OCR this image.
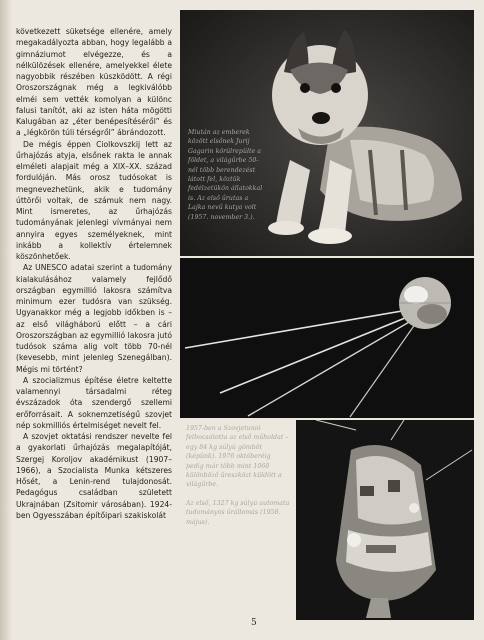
következett süketsége ellenére, amely megakadályozta abban, hogy legalább a gimnáziumot elvégezze, és a nélkülözések ellenére, amelyekkel élete nagyobbik részében küszködött. A régi Oroszországnak még a legkiválóbb elméi sem vették komolyan a különc falusi tanítót, aki az isten háta mögötti Kalugában az „éter benépesítéséről” és a „légkörön túli térségről” ábrándozott.

De mégis éppen Ciolkovszkij lett az űrhajózás atyja, elsőnek rakta le annak elméleti alapjait még a XIX–XX. század fordulóján. Más orosz tudósokat is megnevezhetünk, akik e tudomány úttörői voltak, de számuk nem nagy. Mint ismeretes, az űrhajózás tudományának jelenlegi vívmányai nem annyira egyes személyeknek, mint inkább a kollektív értelemnek köszönhetőek.

Az UNESCO adatai szerint a tudomány kialakulásához valamely fejlődő országban egymillió lakosra számítva minimum ezer tudósra van szükség. Ugyanakkor még a legjobb időkben is – az első világháború előtt – a cári Oroszországban az egymillió lakosra jutó tudósok száma alig volt több 70-nél (kevesebb, mint jelenleg Szenegálban). Mégis mi történt?

A szocializmus építése életre keltette valamennyi társadalmi réteg évszázadok óta szendergő szellemi erőforrásait. A soknemzetiségű szovjet nép sokmilliós értelmiséget nevelt fel.

A szovjet oktatási rendszer nevelte fel a gyakorlati űrhajózás megalapítóját, Szergej Koroljov akadémikust (1907–1966), a Szocialista Munka kétszeres Hősét, a Lenin-rend tulajdonosát. Pedagógus családban született Ukrajnában (Zsitomir városában). 1924-ben Ogyesszában építőipari szakiskolát

Miután az emberek között elsőnek Jurij Gagarin körülrepülte a földet, a világűrbe 50-nél több berendezést látott fel, köztük fedélzetükön állatokkal is. Az első űrutas a Lajka nevű kutya volt (1957. november 3.).

1957-ben a Szovjetunió felbocsátotta az első műholdat – egy 84 kg súlyú gömböt (képünk). 1976 októberéig pedig már több mint 1060 különböző űreszközt küldött a világűrbe.

Az első, 1327 kg súlyú automata tudományos űrállomás (1958. május).

5
